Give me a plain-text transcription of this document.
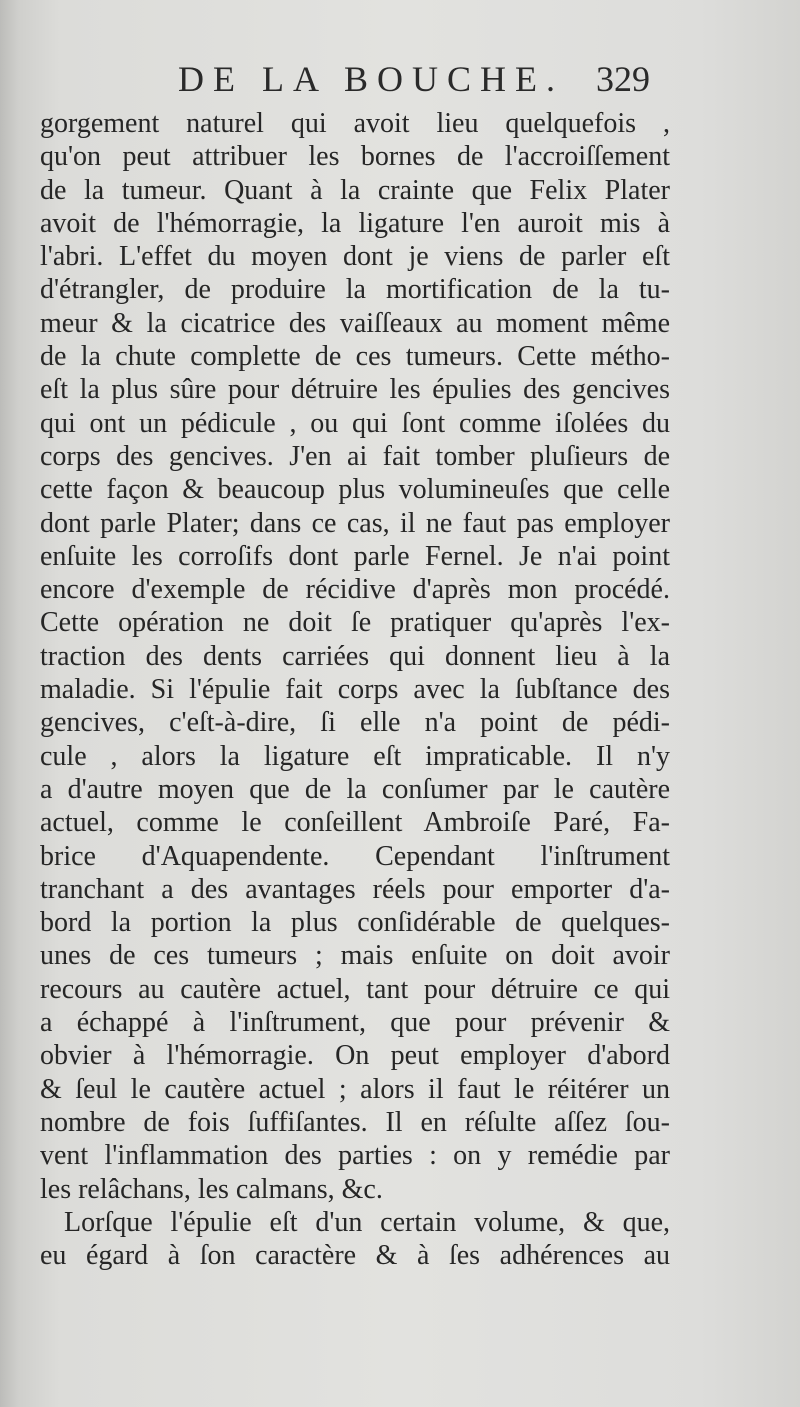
DE LA BOUCHE. 329
gorgement naturel qui avoit lieu quelquefois ,
qu'on peut attribuer les bornes de l'accroiſſement
de la tumeur. Quant à la crainte que Felix Plater
avoit de l'hémorragie, la ligature l'en auroit mis à
l'abri. L'effet du moyen dont je viens de parler eſt
d'étrangler, de produire la mortification de la tu-
meur & la cicatrice des vaiſſeaux au moment même
de la chute complette de ces tumeurs. Cette métho-
eſt la plus sûre pour détruire les épulies des gencives
qui ont un pédicule , ou qui ſont comme iſolées du
corps des gencives. J'en ai fait tomber pluſieurs de
cette façon & beaucoup plus volumineuſes que celle
dont parle Plater; dans ce cas, il ne faut pas employer
enſuite les corroſifs dont parle Fernel. Je n'ai point
encore d'exemple de récidive d'après mon procédé.
Cette opération ne doit ſe pratiquer qu'après l'ex-
traction des dents carriées qui donnent lieu à la
maladie. Si l'épulie fait corps avec la ſubſtance des
gencives, c'eſt-à-dire, ſi elle n'a point de pédi-
cule , alors la ligature eſt impraticable. Il n'y
a d'autre moyen que de la conſumer par le cautère
actuel, comme le conſeillent Ambroiſe Paré, Fa-
brice d'Aquapendente. Cependant l'inſtrument
tranchant a des avantages réels pour emporter d'a-
bord la portion la plus conſidérable de quelques-
unes de ces tumeurs ; mais enſuite on doit avoir
recours au cautère actuel, tant pour détruire ce qui
a échappé à l'inſtrument, que pour prévenir &
obvier à l'hémorragie. On peut employer d'abord
& ſeul le cautère actuel ; alors il faut le réitérer un
nombre de fois ſuffiſantes. Il en réſulte aſſez ſou-
vent l'inflammation des parties : on y remédie par
les relâchans, les calmans, &c.
Lorſque l'épulie eſt d'un certain volume, & que,
eu égard à ſon caractère & à ſes adhérences au
